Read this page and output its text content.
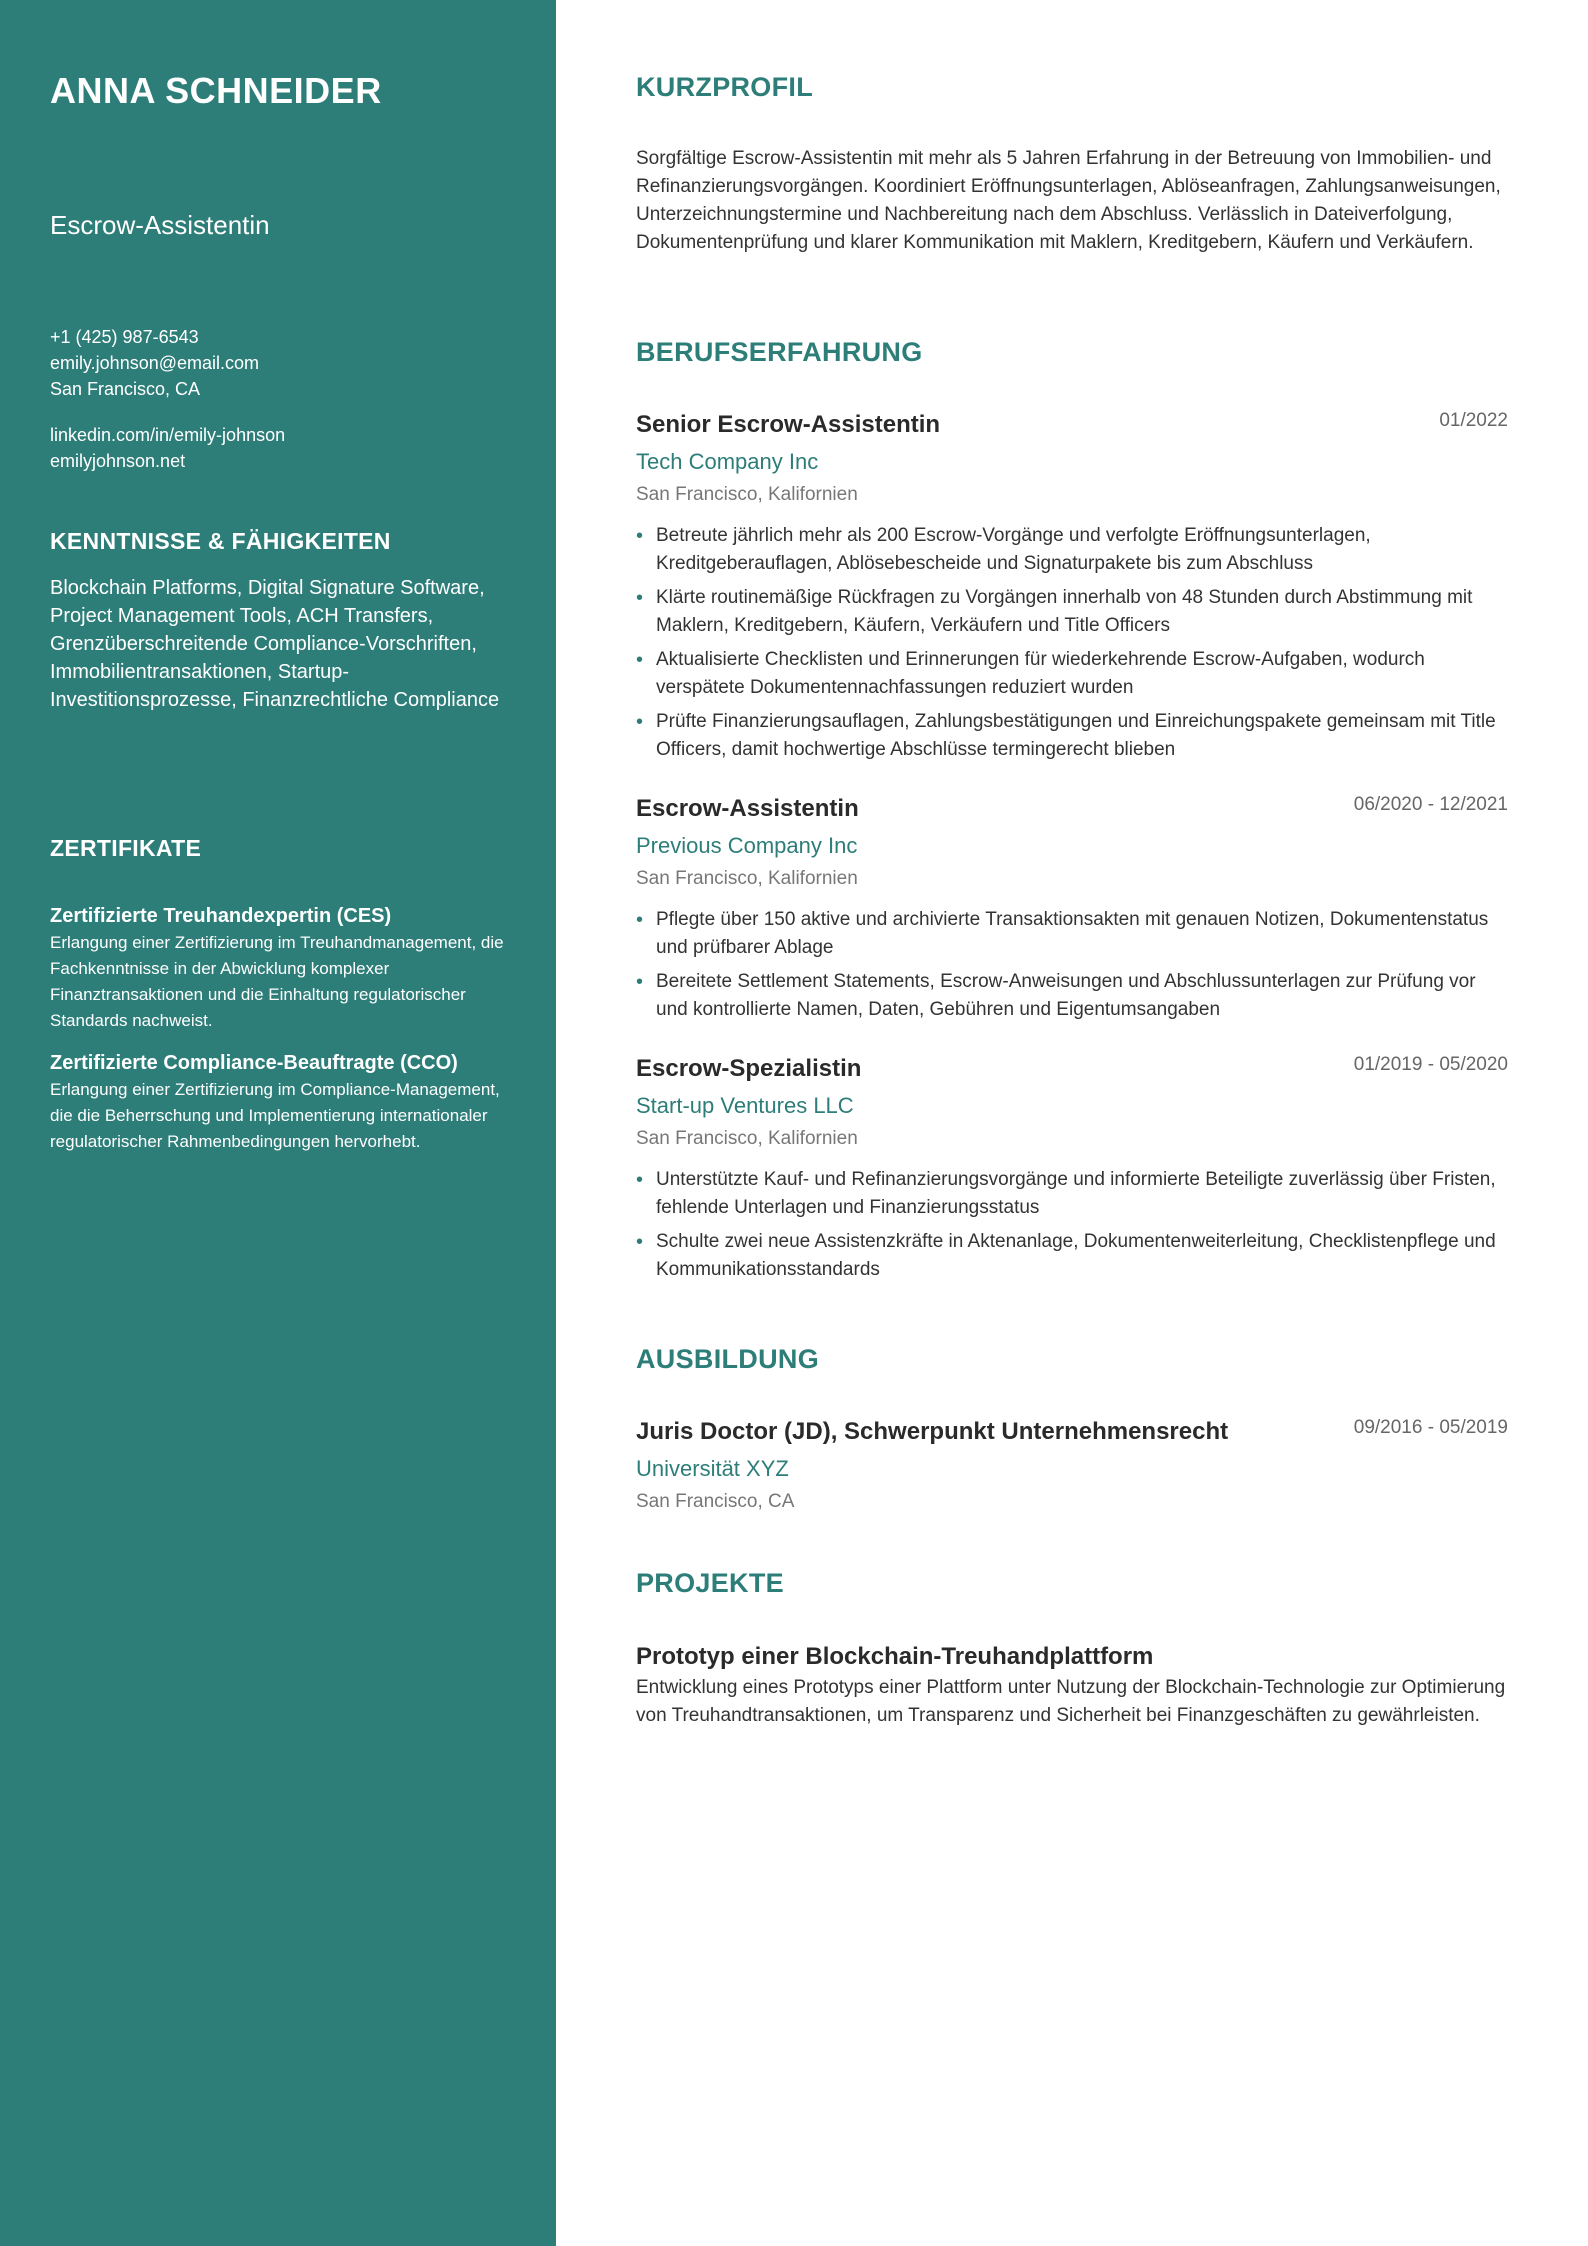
ANNA SCHNEIDER
Escrow-Assistentin
+1 (425) 987-6543
emily.johnson@email.com
San Francisco, CA
linkedin.com/in/emily-johnson
emilyjohnson.net
KENNTNISSE & FÄHIGKEITEN
Blockchain Platforms, Digital Signature Software, Project Management Tools, ACH Transfers, Grenzüberschreitende Compliance-Vorschriften, Immobilientransaktionen, Startup-Investitionsprozesse, Finanzrechtliche Compliance
ZERTIFIKATE
Zertifizierte Treuhandexpertin (CES)
Erlangung einer Zertifizierung im Treuhandmanagement, die Fachkenntnisse in der Abwicklung komplexer Finanztransaktionen und die Einhaltung regulatorischer Standards nachweist.
Zertifizierte Compliance-Beauftragte (CCO)
Erlangung einer Zertifizierung im Compliance-Management, die die Beherrschung und Implementierung internationaler regulatorischer Rahmenbedingungen hervorhebt.
KURZPROFIL
Sorgfältige Escrow-Assistentin mit mehr als 5 Jahren Erfahrung in der Betreuung von Immobilien- und Refinanzierungsvorgängen. Koordiniert Eröffnungsunterlagen, Ablöseanfragen, Zahlungsanweisungen, Unterzeichnungstermine und Nachbereitung nach dem Abschluss. Verlässlich in Dateiverfolgung, Dokumentenprüfung und klarer Kommunikation mit Maklern, Kreditgebern, Käufern und Verkäufern.
BERUFSERFAHRUNG
Senior Escrow-Assistentin	01/2022
Tech Company Inc
San Francisco, Kalifornien
• Betreute jährlich mehr als 200 Escrow-Vorgänge und verfolgte Eröffnungsunterlagen, Kreditgeberauflagen, Ablösebescheide und Signaturpakete bis zum Abschluss
• Klärte routinemäßige Rückfragen zu Vorgängen innerhalb von 48 Stunden durch Abstimmung mit Maklern, Kreditgebern, Käufern, Verkäufern und Title Officers
• Aktualisierte Checklisten und Erinnerungen für wiederkehrende Escrow-Aufgaben, wodurch verspätete Dokumentennachfassungen reduziert wurden
• Prüfte Finanzierungsauflagen, Zahlungsbestätigungen und Einreichungspakete gemeinsam mit Title Officers, damit hochwertige Abschlüsse termingerecht blieben
Escrow-Assistentin	06/2020 - 12/2021
Previous Company Inc
San Francisco, Kalifornien
• Pflegte über 150 aktive und archivierte Transaktionsakten mit genauen Notizen, Dokumentenstatus und prüfbarer Ablage
• Bereitete Settlement Statements, Escrow-Anweisungen und Abschlussunterlagen zur Prüfung vor und kontrollierte Namen, Daten, Gebühren und Eigentumsangaben
Escrow-Spezialistin	01/2019 - 05/2020
Start-up Ventures LLC
San Francisco, Kalifornien
• Unterstützte Kauf- und Refinanzierungsvorgänge und informierte Beteiligte zuverlässig über Fristen, fehlende Unterlagen und Finanzierungsstatus
• Schulte zwei neue Assistenzkräfte in Aktenanlage, Dokumentenweiterleitung, Checklistenpflege und Kommunikationsstandards
AUSBILDUNG
Juris Doctor (JD), Schwerpunkt Unternehmensrecht	09/2016 - 05/2019
Universität XYZ
San Francisco, CA
PROJEKTE
Prototyp einer Blockchain-Treuhandplattform
Entwicklung eines Prototyps einer Plattform unter Nutzung der Blockchain-Technologie zur Optimierung von Treuhandtransaktionen, um Transparenz und Sicherheit bei Finanzgeschäften zu gewährleisten.
